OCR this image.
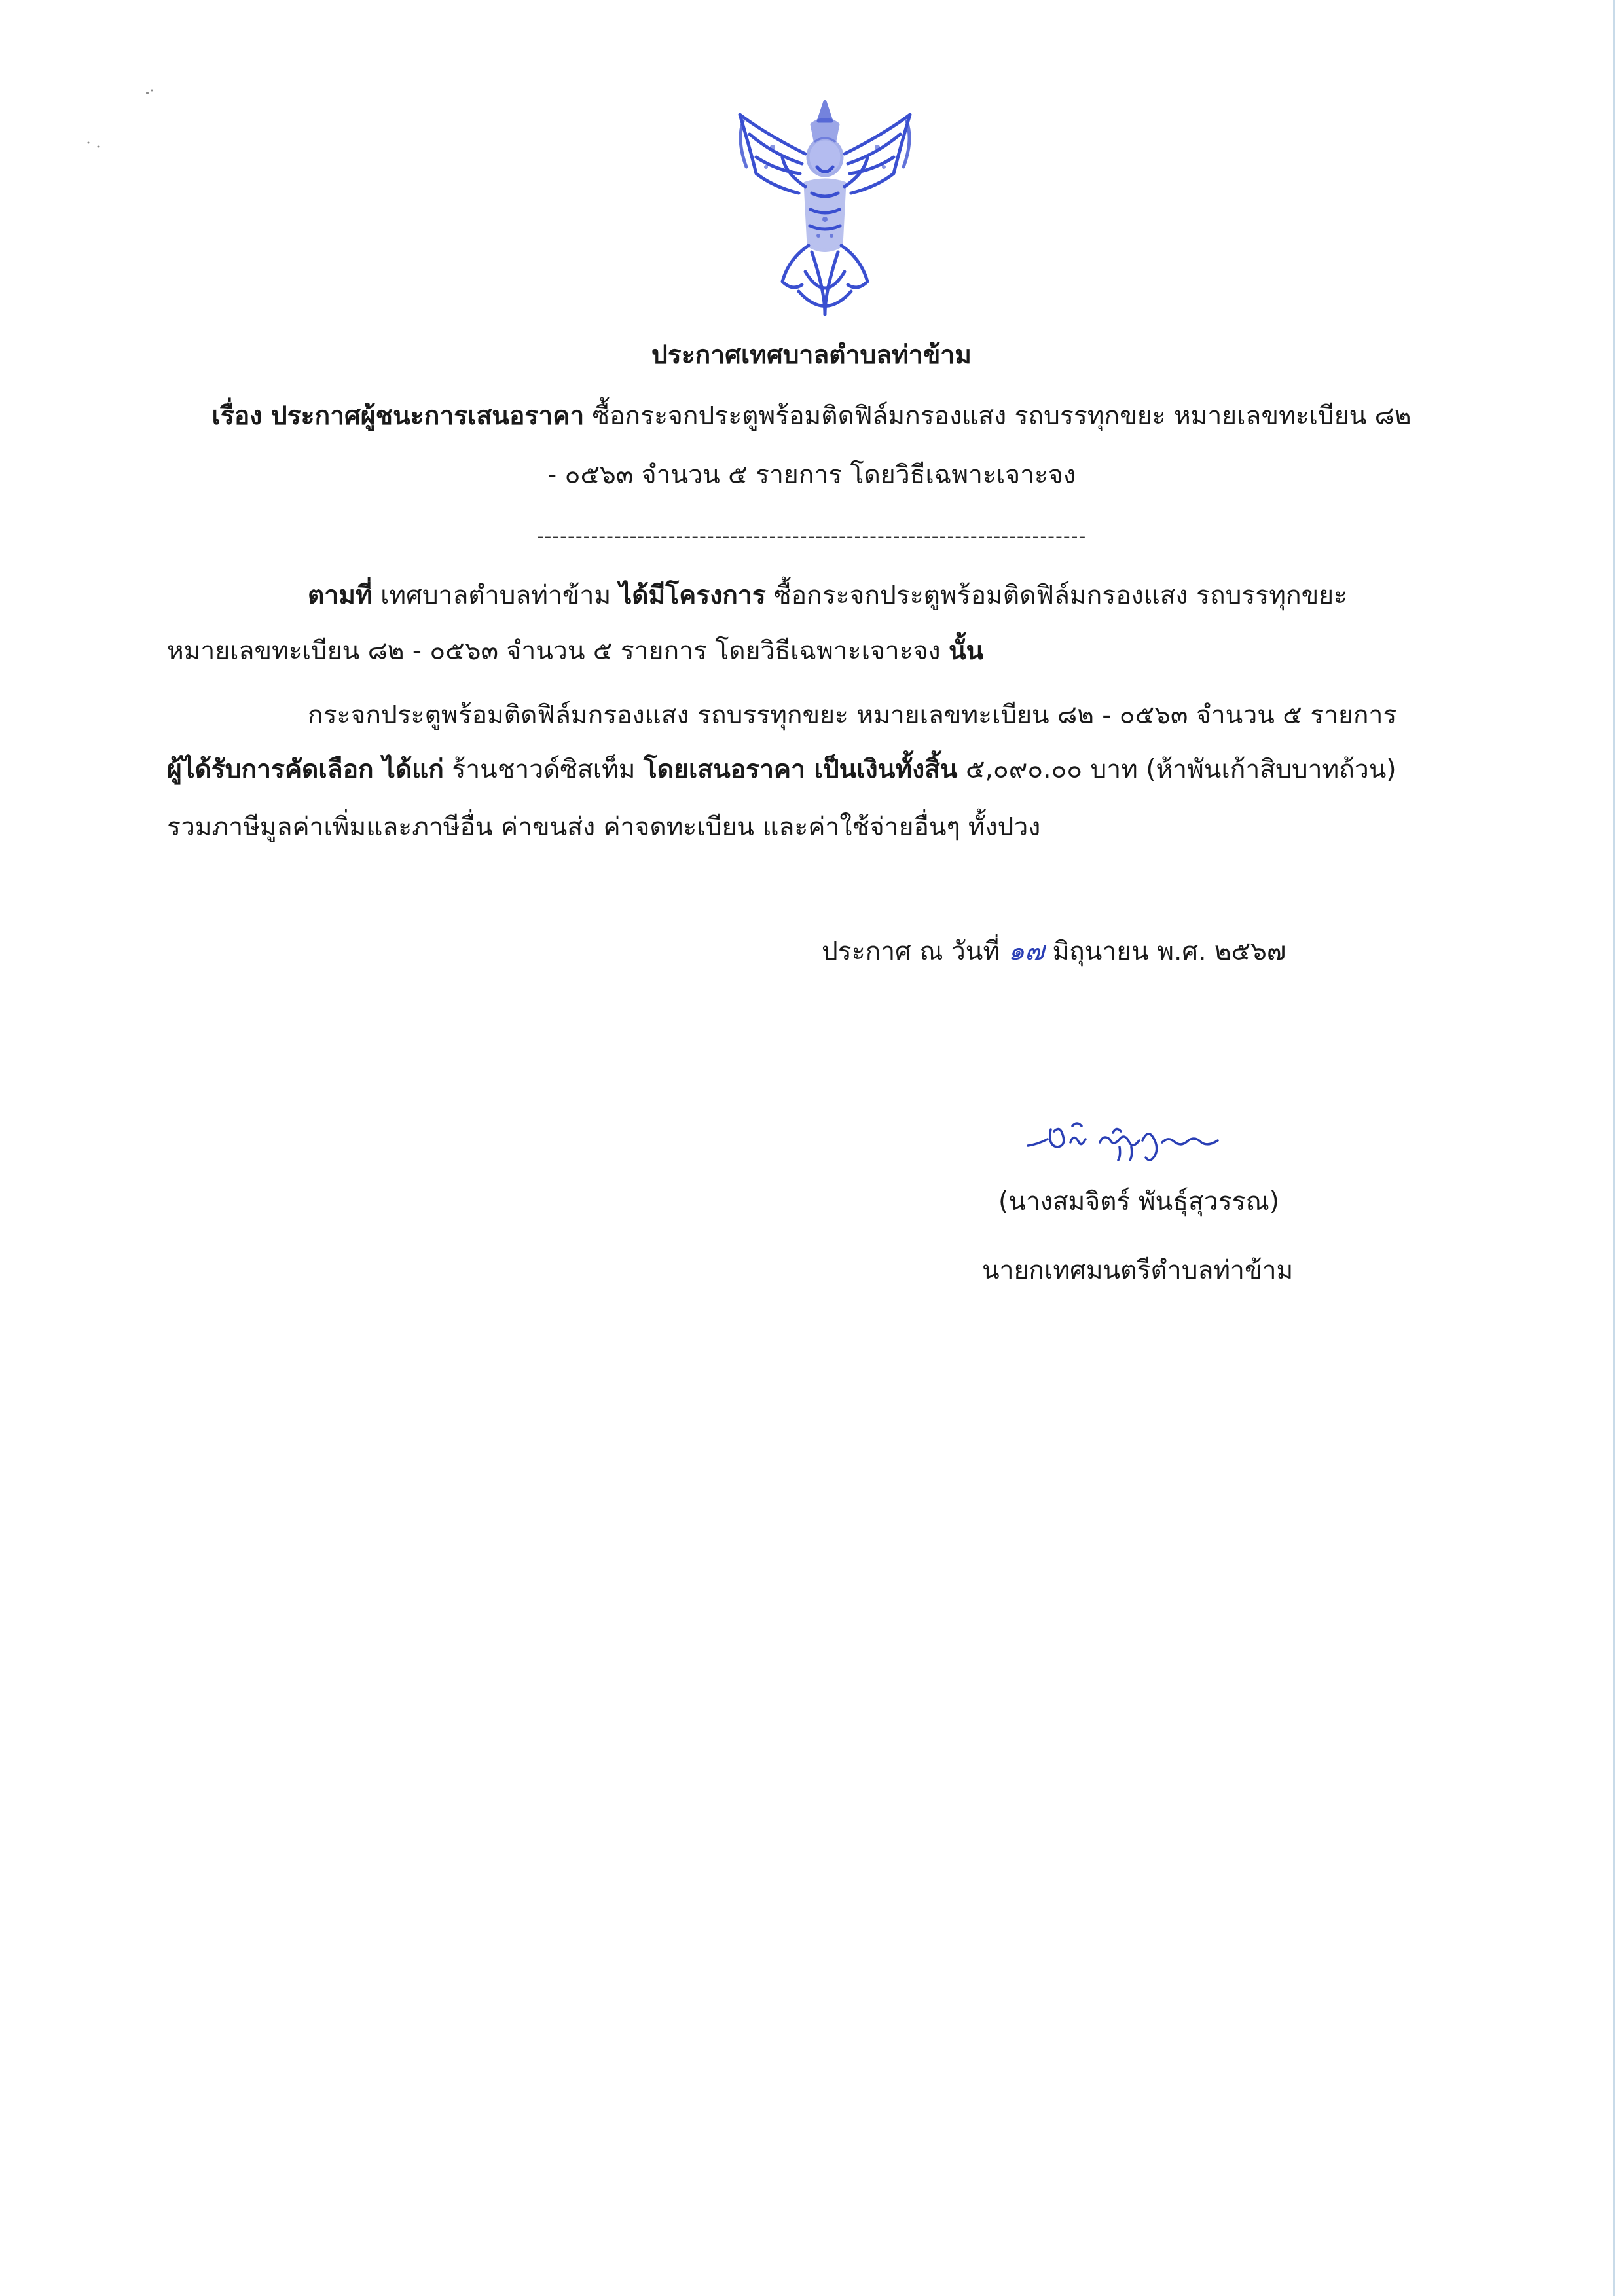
ประกาศเทศบาลตำบลท่าข้าม
เรื่อง ประกาศผู้ชนะการเสนอราคา ซื้อกระจกประตูพร้อมติดฟิล์มกรองแสง รถบรรทุกขยะ หมายเลขทะเบียน ๘๒
- ๐๕๖๓ จำนวน ๕ รายการ โดยวิธีเฉพาะเจาะจง
-----------------------------------------------------------------------
ตามที่ เทศบาลตำบลท่าข้าม ได้มีโครงการ ซื้อกระจกประตูพร้อมติดฟิล์มกรองแสง รถบรรทุกขยะ
หมายเลขทะเบียน ๘๒ - ๐๕๖๓ จำนวน ๕ รายการ โดยวิธีเฉพาะเจาะจง นั้น
กระจกประตูพร้อมติดฟิล์มกรองแสง รถบรรทุกขยะ หมายเลขทะเบียน ๘๒ - ๐๕๖๓ จำนวน ๕ รายการ
ผู้ได้รับการคัดเลือก ได้แก่ ร้านชาวด์ซิสเท็ม โดยเสนอราคา เป็นเงินทั้งสิ้น ๕,๐๙๐.๐๐ บาท (ห้าพันเก้าสิบบาทถ้วน)
รวมภาษีมูลค่าเพิ่มและภาษีอื่น ค่าขนส่ง ค่าจดทะเบียน และค่าใช้จ่ายอื่นๆ ทั้งปวง
ประกาศ ณ วันที่ ๑๗ มิถุนายน พ.ศ. ๒๕๖๗
(นางสมจิตร์ พันธุ์สุวรรณ)
นายกเทศมนตรีตำบลท่าข้าม
